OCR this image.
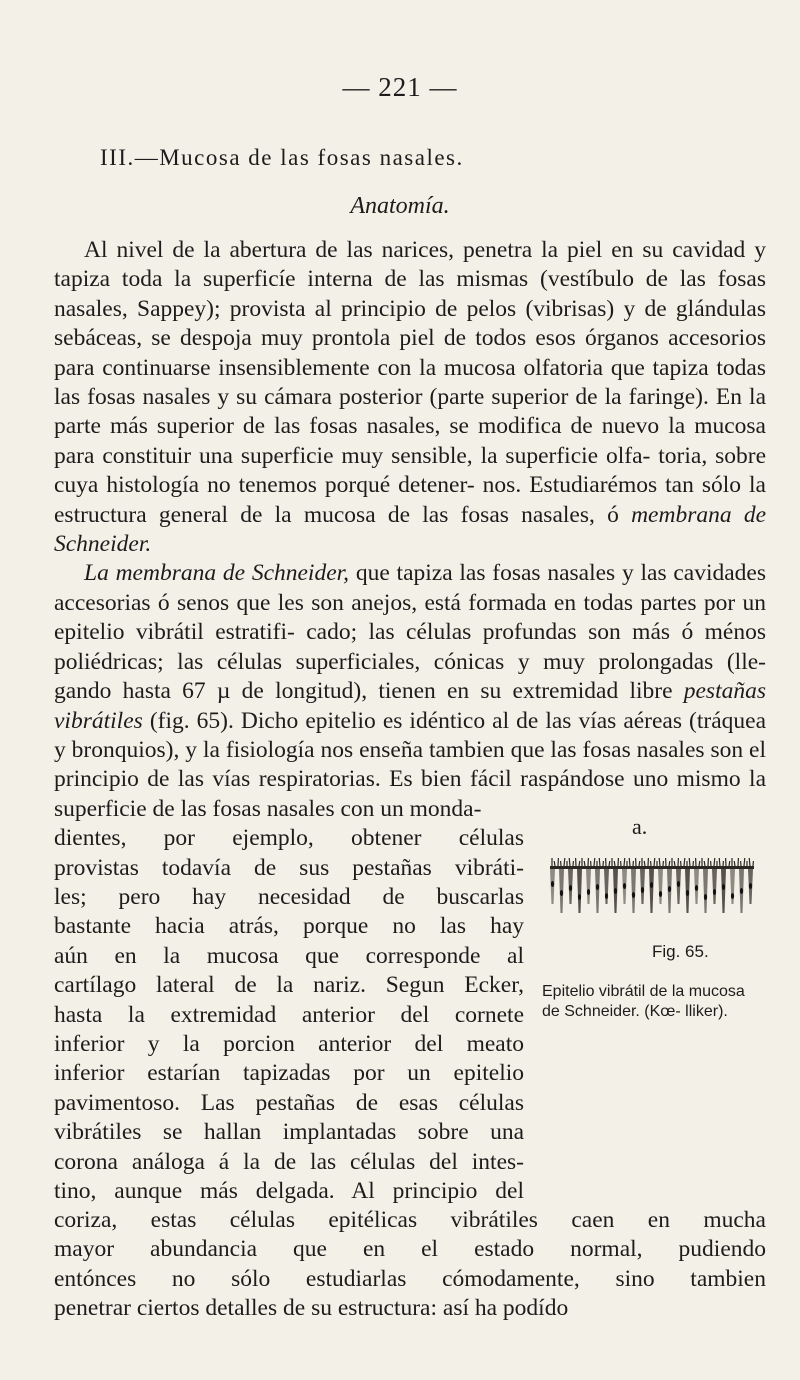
— 221 —
III.—Mucosa de las fosas nasales.
Anatomía.

Al nivel de la abertura de las narices, penetra la piel en su cavidad y tapiza toda la superficíe interna de las mismas (vestíbulo de las fosas nasales, Sappey); provista al principio de pelos (vibrisas) y de glándulas sebáceas, se despoja muy prontola piel de todos esos órganos accesorios para continuarse insensiblemente con la mucosa olfatoria que tapiza todas las fosas nasales y su cámara posterior (parte superior de la faringe). En la parte más superior de las fosas nasales, se modifica de nuevo la mucosa para constituir una superficie muy sensible, la superficie olfa- toria, sobre cuya histología no tenemos porqué detener- nos. Estudiarémos tan sólo la estructura general de la mucosa de las fosas nasales, ó membrana de Schneider.

La membrana de Schneider, que tapiza las fosas nasales y las cavidades accesorias ó senos que les son anejos, está formada en todas partes por un epitelio vibrátil estratifi- cado; las células profundas son más ó ménos poliédricas; las células superficiales, cónicas y muy prolongadas (lle- gando hasta 67 µ de longitud), tienen en su extremidad libre pestañas vibrátiles (fig. 65). Dicho epitelio es idéntico al de las vías aéreas (tráquea y bronquios), y la fisiología nos enseña tambien que las fosas nasales son el principio de las vías respiratorias. Es bien fácil raspándose uno mismo la superficie de las fosas nasales con un monda-

dientes, por ejemplo, obtener células
provistas todavía de sus pestañas vibráti-
les; pero hay necesidad de buscarlas
bastante hacia atrás, porque no las hay
aún en la mucosa que corresponde al
cartílago lateral de la nariz. Segun Ecker,
hasta la extremidad anterior del cornete
inferior y la porcion anterior del meato
inferior estarían tapizadas por un epitelio
pavimentoso. Las pestañas de esas células
vibrátiles se hallan implantadas sobre una
corona análoga á la de las células del intes-
tino, aunque más delgada. Al principio del
a.
Fig. 65.
Epitelio vibrátil de la mucosa de Schneider. (Kœ- lliker).
coriza, estas células epitélicas vibrátiles caen en mucha
mayor abundancia que en el estado normal, pudiendo
entónces no sólo estudiarlas cómodamente, sino tambien
penetrar ciertos detalles de su estructura: así ha podído
